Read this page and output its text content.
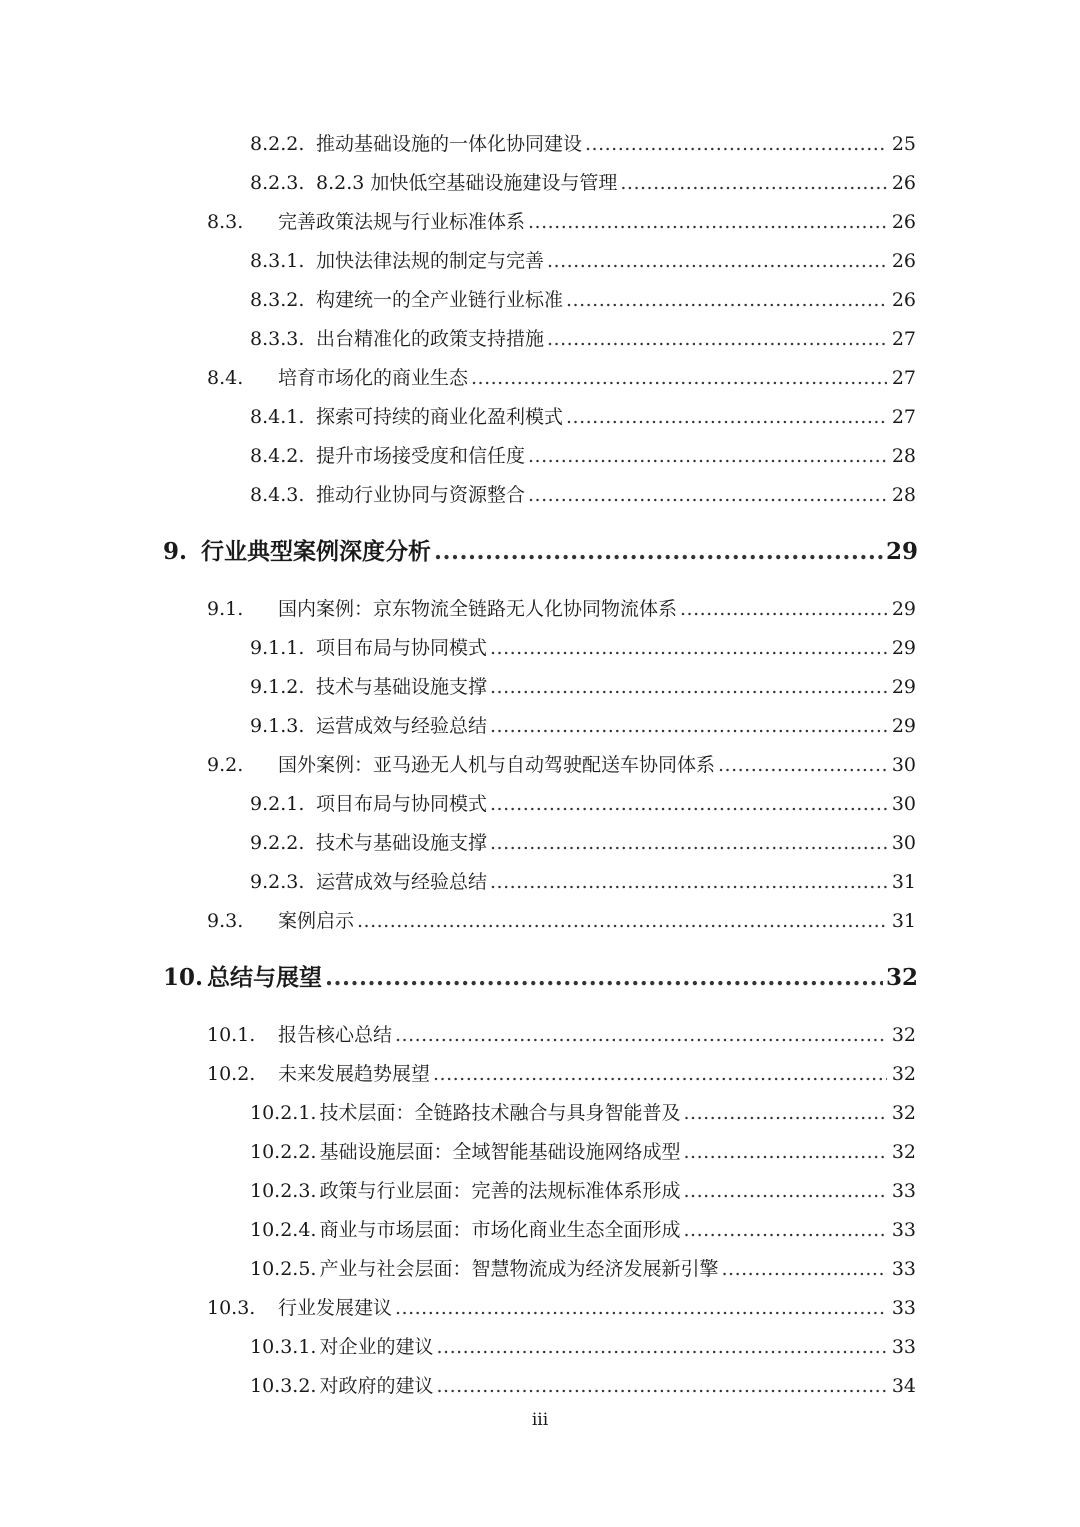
8.2.2. 推动基础设施的一体化协同建设 .....	25
8.2.3. 8.2.3 加快低空基础设施建设与管理 .....	26
8.3.	完善政策法规与行业标准体系 .....	26
8.3.1. 加快法律法规的制定与完善 .....	26
8.3.2. 构建统一的全产业链行业标准 .....	26
8.3.3. 出台精准化的政策支持措施 .....	27
8.4.	培育市场化的商业生态 .....	27
8.4.1. 探索可持续的商业化盈利模式 .....	27
8.4.2. 提升市场接受度和信任度 .....	28
8.4.3. 推动行业协同与资源整合 .....	28
9. 行业典型案例深度分析 .....	29
9.1.	国内案例：京东物流全链路无人化协同物流体系 .....	29
9.1.1. 项目布局与协同模式 .....	29
9.1.2. 技术与基础设施支撑 .....	29
9.1.3. 运营成效与经验总结 .....	29
9.2.	国外案例：亚马逊无人机与自动驾驶配送车协同体系 .....	30
9.2.1. 项目布局与协同模式 .....	30
9.2.2. 技术与基础设施支撑 .....	30
9.2.3. 运营成效与经验总结 .....	31
9.3.	案例启示 .....	31
10. 总结与展望 .....	32
10.1.	报告核心总结 .....	32
10.2.	未来发展趋势展望 .....	32
10.2.1. 技术层面：全链路技术融合与具身智能普及 .....	32
10.2.2. 基础设施层面：全域智能基础设施网络成型 .....	32
10.2.3. 政策与行业层面：完善的法规标准体系形成 .....	33
10.2.4. 商业与市场层面：市场化商业生态全面形成 .....	33
10.2.5. 产业与社会层面：智慧物流成为经济发展新引擎 .....	33
10.3.	行业发展建议 .....	33
10.3.1. 对企业的建议 .....	33
10.3.2. 对政府的建议 .....	34
iii
